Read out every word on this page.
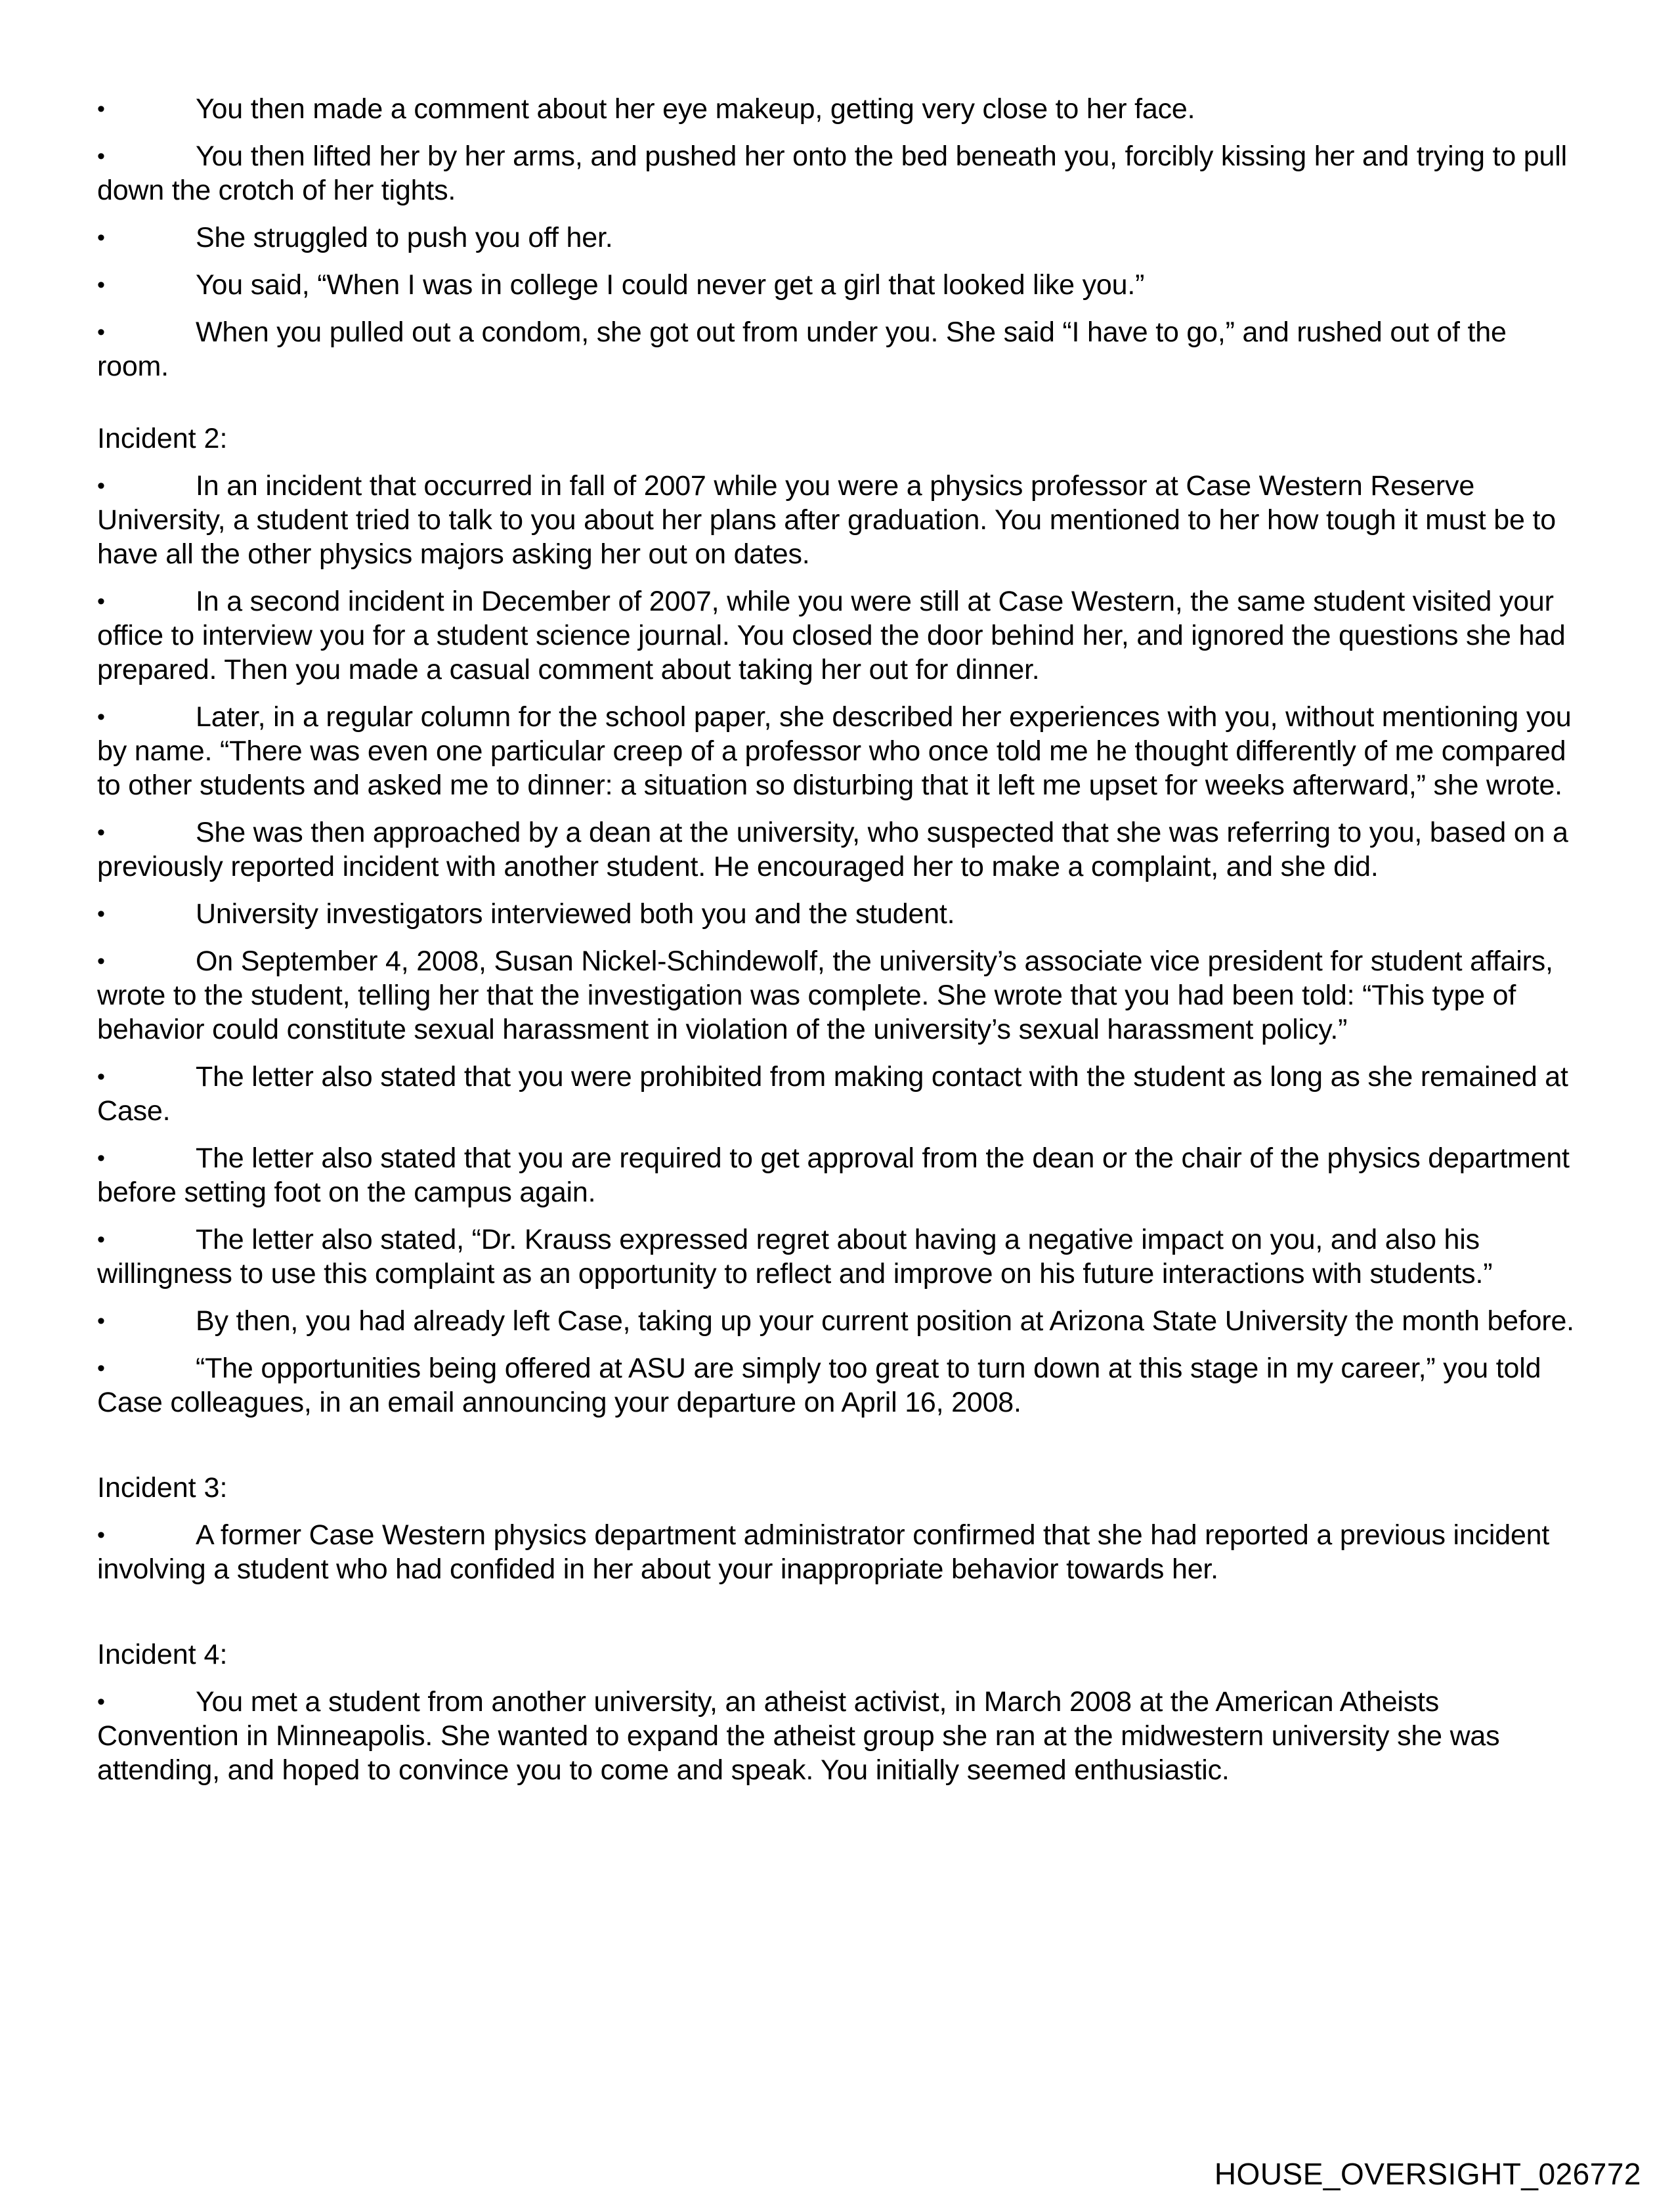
•	You then made a comment about her eye makeup, getting very close to her face.

•	You then lifted her by her arms, and pushed her onto the bed beneath you, forcibly kissing her and trying to pull down the crotch of her tights.

•	She struggled to push you off her.

•	You said, “When I was in college I could never get a girl that looked like you.”

•	When you pulled out a condom, she got out from under you. She said “I have to go,” and rushed out of the room.

Incident 2:

•	In an incident that occurred in fall of 2007 while you were a physics professor at Case Western Reserve University, a student tried to talk to you about her plans after graduation. You mentioned to her how tough it must be to have all the other physics majors asking her out on dates.

•	In a second incident in December of 2007, while you were still at Case Western, the same student visited your office to interview you for a student science journal. You closed the door behind her, and ignored the questions she had prepared. Then you made a casual comment about taking her out for dinner.

•	Later, in a regular column for the school paper, she described her experiences with you, without mentioning you by name. “There was even one particular creep of a professor who once told me he thought differently of me compared to other students and asked me to dinner: a situation so disturbing that it left me upset for weeks afterward,” she wrote.

•	She was then approached by a dean at the university, who suspected that she was referring to you, based on a previously reported incident with another student. He encouraged her to make a complaint, and she did.

•	University investigators interviewed both you and the student.

•	On September 4, 2008, Susan Nickel-Schindewolf, the university’s associate vice president for student affairs, wrote to the student, telling her that the investigation was complete. She wrote that you had been told: “This type of behavior could constitute sexual harassment in violation of the university’s sexual harassment policy.”

•	The letter also stated that you were prohibited from making contact with the student as long as she remained at Case.

•	The letter also stated that you are required to get approval from the dean or the chair of the physics department before setting foot on the campus again.

•	The letter also stated, “Dr. Krauss expressed regret about having a negative impact on you, and also his willingness to use this complaint as an opportunity to reflect and improve on his future interactions with students.”

•	By then, you had already left Case, taking up your current position at Arizona State University the month before.

•	“The opportunities being offered at ASU are simply too great to turn down at this stage in my career,” you told Case colleagues, in an email announcing your departure on April 16, 2008.

Incident 3:

•	A former Case Western physics department administrator confirmed that she had reported a previous incident involving a student who had confided in her about your inappropriate behavior towards her.

Incident 4:

•	You met a student from another university, an atheist activist, in March 2008 at the American Atheists Convention in Minneapolis. She wanted to expand the atheist group she ran at the midwestern university she was attending, and hoped to convince you to come and speak. You initially seemed enthusiastic.

HOUSE_OVERSIGHT_026772
